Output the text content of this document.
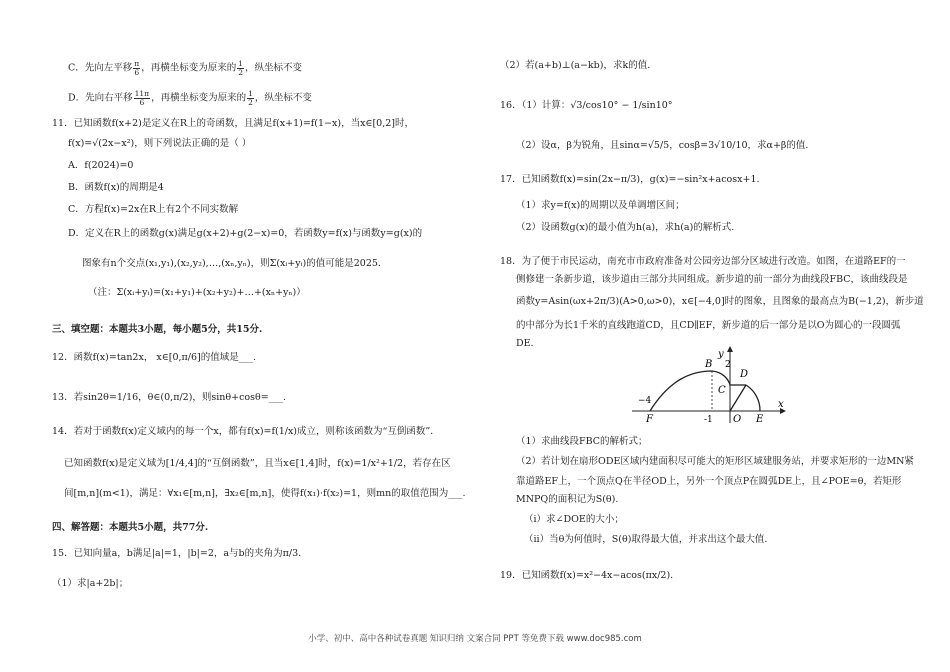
C．先向左平移 $\frac{\pi}{6}$ ，再横坐标变为原来的 $\frac{1}{2}$ ，纵坐标不变
D．先向右平移 $\frac{11\pi}{6}$ ，再横坐标变为原来的 $\frac{1}{2}$ ，纵坐标不变
11．已知函数f(x+2)是定义在R上的奇函数，且满足f(x+1)=f(1−x)，当x∈[0,2]时，
f(x)=√(2x−x²)，则下列说法正确的是（ ）
A．f(2024)=0
B．函数f(x)的周期是4
C．方程f(x)=2x在R上有2个不同实数解
D．定义在R上的函数g(x)满足g(x+2)+g(2−x)=0，若函数y=f(x)与函数y=g(x)的
图象有n个交点(x₁,y₁),(x₂,y₂),…,(xₙ,yₙ)，则Σ(xᵢ+yᵢ)的值可能是2025.
（注：Σ(xᵢ+yᵢ)=(x₁+y₁)+(x₂+y₂)+…+(xₙ+yₙ)）
三、填空题：本题共3小题，每小题5分，共15分.
12．函数f(x)=tan2x， x∈[0,π/6]的值域是___.
13．若sin2θ=1/16，θ∈(0,π/2)，则sinθ+cosθ=___.
14．若对于函数f(x)定义域内的每一个x，都有f(x)=f(1/x)成立，则称该函数为“互倒函数”．
已知函数f(x)是定义域为[1/4,4]的“互倒函数”，且当x∈[1,4]时，f(x)=1/x²+1/2，若存在区
间[m,n](m<1)，满足：∀x₁∈[m,n]，∃x₂∈[m,n]，使得f(x₁)·f(x₂)=1，则mn的取值范围为___.
四、解答题：本题共5小题，共77分.
15．已知向量a，b满足|a|=1，|b|=2，a与b的夹角为π/3.
（1）求|a+2b|；
（2）若(a+b)⊥(a−kb)，求k的值.
16．（1）计算：√3/cos10° − 1/sin10°
（2）设α，β为锐角，且sinα=√5/5，cosβ=3√10/10，求α+β的值.
17．已知函数f(x)=sin(2x−π/3)，g(x)=−sin²x+acosx+1.
（1）求y=f(x)的周期以及单调增区间；
（2）设函数g(x)的最小值为h(a)，求h(a)的解析式.
18．为了便于市民运动，南充市市政府准备对公园旁边部分区域进行改造。如图，在道路EF的一
侧修建一条新步道，该步道由三部分共同组成。新步道的前一部分为曲线段FBC，该曲线段是
函数y=Asin(ωx+2π/3)(A>0,ω>0)，x∈[−4,0]时的图象，且图象的最高点为B(−1,2)，新步道
的中部分为长1千米的直线跑道CD，且CD∥EF，新步道的后一部分是以O为圆心的一段圆弧
DE.
y
B 2
D
C
−4
F	-1 O E
x
（1）求曲线段FBC的解析式；
（2）若计划在扇形ODE区域内建面积尽可能大的矩形区域建服务站，并要求矩形的一边MN紧
靠道路EF上，一个顶点Q在半径OD上，另外一个顶点P在圆弧DE上，且∠POE=θ，若矩形
MNPQ的面积记为S(θ).
（i）求∠DOE的大小；
（ii）当θ为何值时，S(θ)取得最大值，并求出这个最大值.
19．已知函数f(x)=x²−4x−acos(πx/2).
小学、初中、高中各种试卷真题 知识归纳 文案合同 PPT 等免费下载 www.doc985.com
